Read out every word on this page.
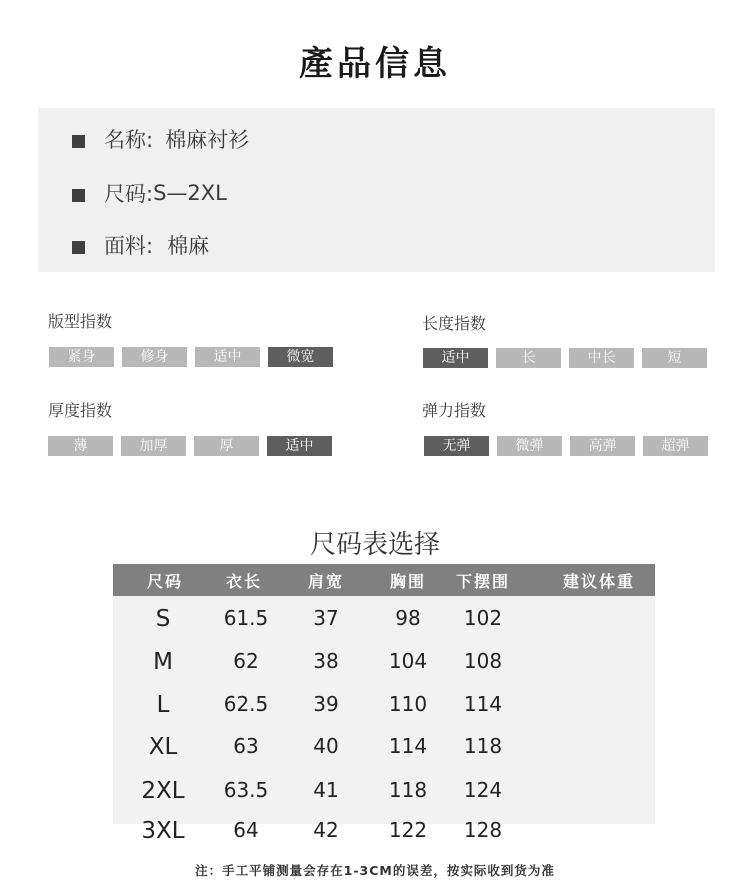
產品信息
名称: 棉麻衬衫
尺码: S—2XL
面料: 棉麻
版型指数
紧身	修身	适中	微宽
长度指数
适中	长	中长	短
厚度指数
薄	加厚	厚	适中
弹力指数
无弹	微弹	高弹	超弹
尺码表选择
尺码	衣长	肩宽	胸围	下摆围	建议体重
S	61.5	37	98	102
M	62	38	104	108
L	62.5	39	110	114
XL	63	40	114	118
2XL	63.5	41	118	124
3XL	64	42	122	128
注：手工平铺测量会存在1-3CM的误差，按实际收到货为准
